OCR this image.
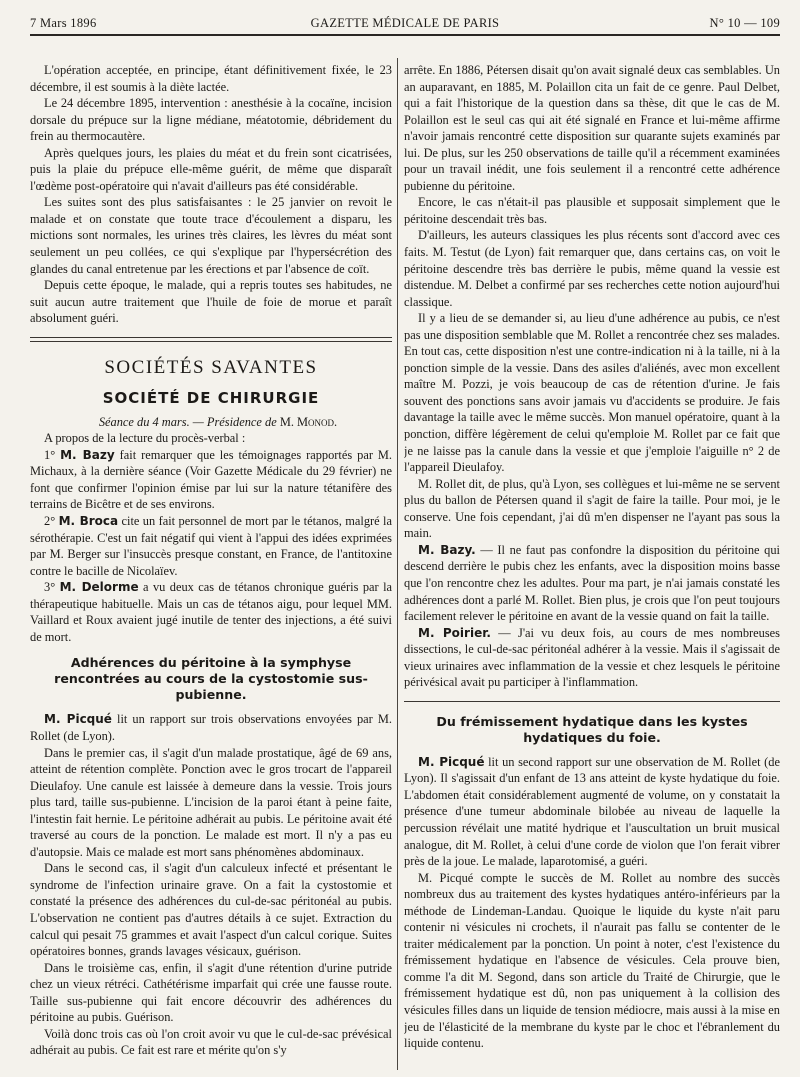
7 Mars 1896	GAZETTE MÉDICALE DE PARIS	N° 10 — 109

L'opération acceptée, en principe, étant définitivement fixée, le 23 décembre, il est soumis à la diète lactée.

Le 24 décembre 1895, intervention : anesthésie à la cocaïne, incision dorsale du prépuce sur la ligne médiane, méatotomie, débridement du frein au thermocautère.

Après quelques jours, les plaies du méat et du frein sont cicatrisées, puis la plaie du prépuce elle-même guérit, de même que disparaît l'œdème post-opératoire qui n'avait d'ailleurs pas été considérable.

Les suites sont des plus satisfaisantes : le 25 janvier on revoit le malade et on constate que toute trace d'écoulement a disparu, les mictions sont normales, les urines très claires, les lèvres du méat sont seulement un peu collées, ce qui s'explique par l'hypersécrétion des glandes du canal entretenue par les érections et par l'absence de coït.

Depuis cette époque, le malade, qui a repris toutes ses habitudes, ne suit aucun autre traitement que l'huile de foie de morue et paraît absolument guéri.

SOCIÉTÉS SAVANTES
SOCIÉTÉ DE CHIRURGIE

Séance du 4 mars. — Présidence de M. Monod.

A propos de la lecture du procès-verbal :

1° M. Bazy fait remarquer que les témoignages rapportés par M. Michaux, à la dernière séance (Voir Gazette Médicale du 29 février) ne font que confirmer l'opinion émise par lui sur la nature tétanifère des terrains de Bicêtre et de ses environs.

2° M. Broca cite un fait personnel de mort par le tétanos, malgré la sérothérapie. C'est un fait négatif qui vient à l'appui des idées exprimées par M. Berger sur l'insuccès presque constant, en France, de l'antitoxine contre le bacille de Nicolaïev.

3° M. Delorme a vu deux cas de tétanos chronique guéris par la thérapeutique habituelle. Mais un cas de tétanos aigu, pour lequel MM. Vaillard et Roux avaient jugé inutile de tenter des injections, a été suivi de mort.

Adhérences du péritoine à la symphyse rencontrées au cours de la cystostomie sus-pubienne.

M. Picqué lit un rapport sur trois observations envoyées par M. Rollet (de Lyon).

Dans le premier cas, il s'agit d'un malade prostatique, âgé de 69 ans, atteint de rétention complète. Ponction avec le gros trocart de l'appareil Dieulafoy. Une canule est laissée à demeure dans la vessie. Trois jours plus tard, taille sus-pubienne. L'incision de la paroi étant à peine faite, l'intestin fait hernie. Le péritoine adhérait au pubis. Le péritoine avait été traversé au cours de la ponction. Le malade est mort. Il n'y a pas eu d'autopsie. Mais ce malade est mort sans phénomènes abdominaux.

Dans le second cas, il s'agit d'un calculeux infecté et présentant le syndrome de l'infection urinaire grave. On a fait la cystostomie et constaté la présence des adhérences du cul-de-sac péritonéal au pubis. L'observation ne contient pas d'autres détails à ce sujet. Extraction du calcul qui pesait 75 grammes et avait l'aspect d'un calcul corique. Suites opératoires bonnes, grands lavages vésicaux, guérison.

Dans le troisième cas, enfin, il s'agit d'une rétention d'urine putride chez un vieux rétréci. Cathétérisme imparfait qui crée une fausse route. Taille sus-pubienne qui fait encore découvrir des adhérences du péritoine au pubis. Guérison.

Voilà donc trois cas où l'on croit avoir vu que le cul-de-sac prévésical adhérait au pubis. Ce fait est rare et mérite qu'on s'y

arrête. En 1886, Pétersen disait qu'on avait signalé deux cas semblables. Un an auparavant, en 1885, M. Polaillon cita un fait de ce genre. Paul Delbet, qui a fait l'historique de la question dans sa thèse, dit que le cas de M. Polaillon est le seul cas qui ait été signalé en France et lui-même affirme n'avoir jamais rencontré cette disposition sur quarante sujets examinés par lui. De plus, sur les 250 observations de taille qu'il a récemment examinées pour un travail inédit, une fois seulement il a rencontré cette adhérence pubienne du péritoine.

Encore, le cas n'était-il pas plausible et supposait simplement que le péritoine descendait très bas.

D'ailleurs, les auteurs classiques les plus récents sont d'accord avec ces faits. M. Testut (de Lyon) fait remarquer que, dans certains cas, on voit le péritoine descendre très bas derrière le pubis, même quand la vessie est distendue. M. Delbet a confirmé par ses recherches cette notion aujourd'hui classique.

Il y a lieu de se demander si, au lieu d'une adhérence au pubis, ce n'est pas une disposition semblable que M. Rollet a rencontrée chez ses malades. En tout cas, cette disposition n'est une contre-indication ni à la taille, ni à la ponction simple de la vessie. Dans des asiles d'aliénés, avec mon excellent maître M. Pozzi, je vois beaucoup de cas de rétention d'urine. Je fais souvent des ponctions sans avoir jamais vu d'accidents se produire. Je fais davantage la taille avec le même succès. Mon manuel opératoire, quant à la ponction, diffère légèrement de celui qu'emploie M. Rollet par ce fait que je ne laisse pas la canule dans la vessie et que j'emploie l'aiguille n° 2 de l'appareil Dieulafoy.

M. Rollet dit, de plus, qu'à Lyon, ses collègues et lui-même ne se servent plus du ballon de Pétersen quand il s'agit de faire la taille. Pour moi, je le conserve. Une fois cependant, j'ai dû m'en dispenser ne l'ayant pas sous la main.

M. Bazy. — Il ne faut pas confondre la disposition du péritoine qui descend derrière le pubis chez les enfants, avec la disposition moins basse que l'on rencontre chez les adultes. Pour ma part, je n'ai jamais constaté les adhérences dont a parlé M. Rollet. Bien plus, je crois que l'on peut toujours facilement relever le péritoine en avant de la vessie quand on fait la taille.

M. Poirier. — J'ai vu deux fois, au cours de mes nombreuses dissections, le cul-de-sac péritonéal adhérer à la vessie. Mais il s'agissait de vieux urinaires avec inflammation de la vessie et chez lesquels le péritoine périvésical avait pu participer à l'inflammation.

Du frémissement hydatique dans les kystes hydatiques du foie.

M. Picqué lit un second rapport sur une observation de M. Rollet (de Lyon). Il s'agissait d'un enfant de 13 ans atteint de kyste hydatique du foie. L'abdomen était considérablement augmenté de volume, on y constatait la présence d'une tumeur abdominale bilobée au niveau de laquelle la percussion révélait une matité hydrique et l'auscultation un bruit musical analogue, dit M. Rollet, à celui d'une corde de violon que l'on ferait vibrer près de la joue. Le malade, laparotomisé, a guéri.

M. Picqué compte le succès de M. Rollet au nombre des succès nombreux dus au traitement des kystes hydatiques antéro-inférieurs par la méthode de Lindeman-Landau. Quoique le liquide du kyste n'ait paru contenir ni vésicules ni crochets, il n'aurait pas fallu se contenter de le traiter médicalement par la ponction. Un point à noter, c'est l'existence du frémissement hydatique en l'absence de vésicules. Cela prouve bien, comme l'a dit M. Segond, dans son article du Traité de Chirurgie, que le frémissement hydatique est dû, non pas uniquement à la collision des vésicules filles dans un liquide de tension médiocre, mais aussi à la mise en jeu de l'élasticité de la membrane du kyste par le choc et l'ébranlement du liquide contenu.
